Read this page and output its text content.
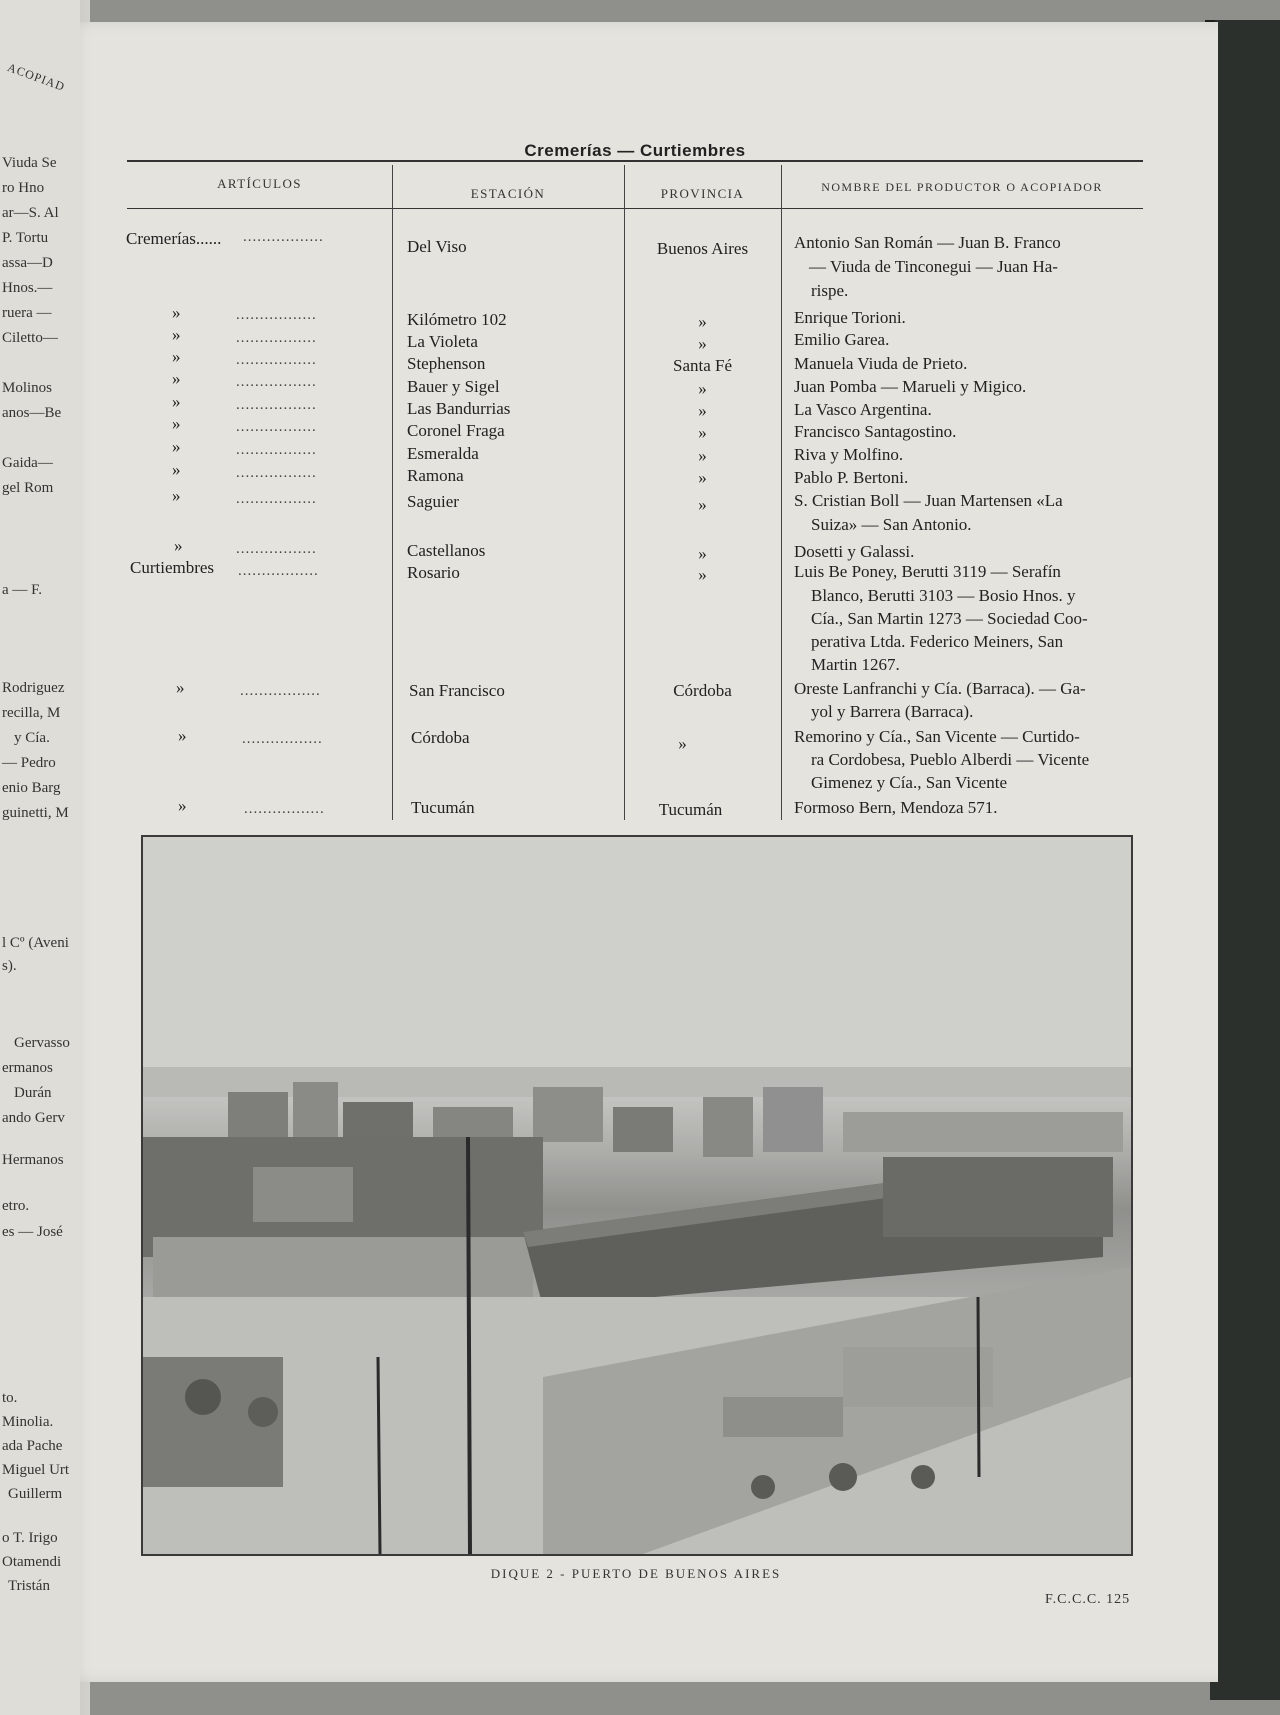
ACOPIAD
Viuda Se
ro Hno
ar—S. Al
P. Tortu
assa—D
Hnos.—
ruera —
Ciletto—
Molinos
anos—Be
Gaida—
gel Rom
a — F.
Rodriguez
recilla, M
y Cía.
— Pedro
enio Barg
guinetti, M
l Cº (Aveni
s).
Gervasso
ermanos
Durán
ando Gerv
Hermanos
etro.
es — José
to.
Minolia.
ada Pache
Miguel Urt
Guillerm
o T. Irigo
Otamendi
Tristán
Cremerías — Curtiembres
ARTÍCULOS
ESTACIÓN	PROVINCIA	NOMBRE DEL PRODUCTOR O ACOPIADOR
Cremerías...... .................	Del Viso	Buenos Aires	Antonio San Román — Juan B. Franco
— Viuda de Tinconegui — Juan Ha-
rispe.
»	.................	Kilómetro 102	»	Enrique Torioni.
»	.................	La Violeta	»	Emilio Garea.
»	.................	Stephenson	Santa Fé	Manuela Viuda de Prieto.
»	.................	Bauer y Sigel	»	Juan Pomba — Marueli y Migico.
»	.................	Las Bandurrias	»	La Vasco Argentina.
»	.................	Coronel Fraga	»	Francisco Santagostino.
»	.................	Esmeralda	»	Riva y Molfino.
»	.................	Ramona	»	Pablo P. Bertoni.
»	.................	Saguier	»	S. Cristian Boll — Juan Martensen «La
Suiza» — San Antonio.
»	.................	Castellanos	»	Dosetti y Galassi.
Curtiembres .................	Rosario	»	Luis Be Poney, Berutti 3119 — Serafín
Blanco, Berutti 3103 — Bosio Hnos. y
Cía., San Martin 1273 — Sociedad Coo-
perativa Ltda. Federico Meiners, San
Martin 1267.
»	.................	San Francisco	Córdoba	Oreste Lanfranchi y Cía. (Barraca). — Ga-
yol y Barrera (Barraca).
»	.................	Córdoba	»	Remorino y Cía., San Vicente — Curtido-
ra Cordobesa, Pueblo Alberdi — Vicente
Gimenez y Cía., San Vicente
»	.................	Tucumán	Tucumán	Formoso Bern, Mendoza 571.
DIQUE 2 - PUERTO DE BUENOS AIRES
F.C.C.C. 125
